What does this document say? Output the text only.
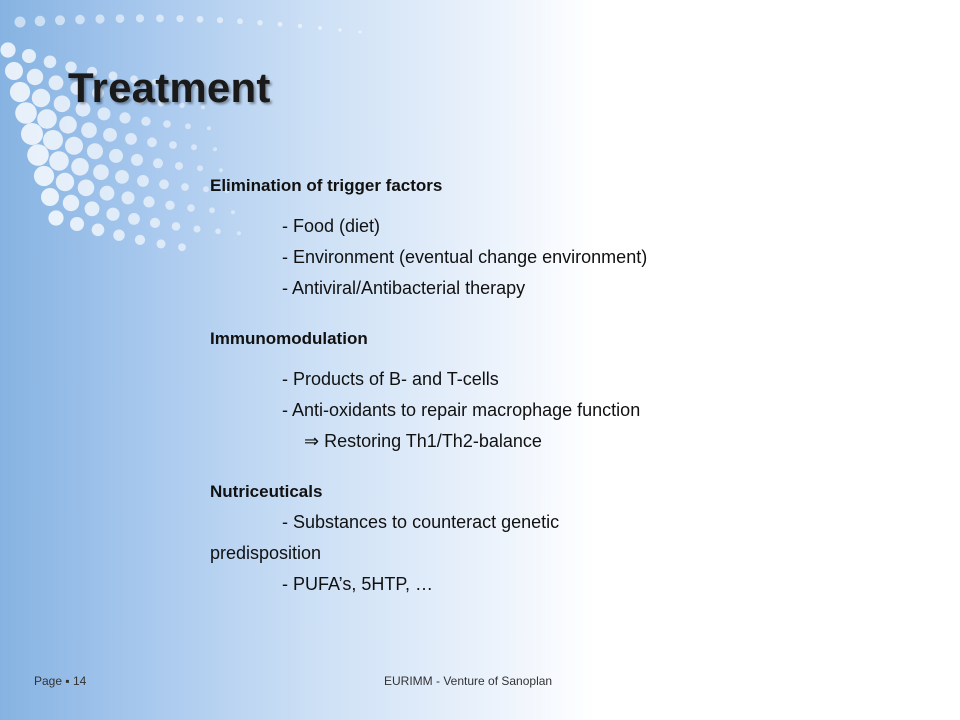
Treatment
Elimination of trigger factors
- Food (diet)
- Environment (eventual change environment)
- Antiviral/Antibacterial therapy
Immunomodulation
- Products of B- and T-cells
- Anti-oxidants to repair macrophage function
⇒ Restoring Th1/Th2-balance
Nutriceuticals
- Substances to counteract genetic
predisposition
- PUFA’s, 5HTP, …
Page ▪ 14	EURIMM - Venture of Sanoplan
